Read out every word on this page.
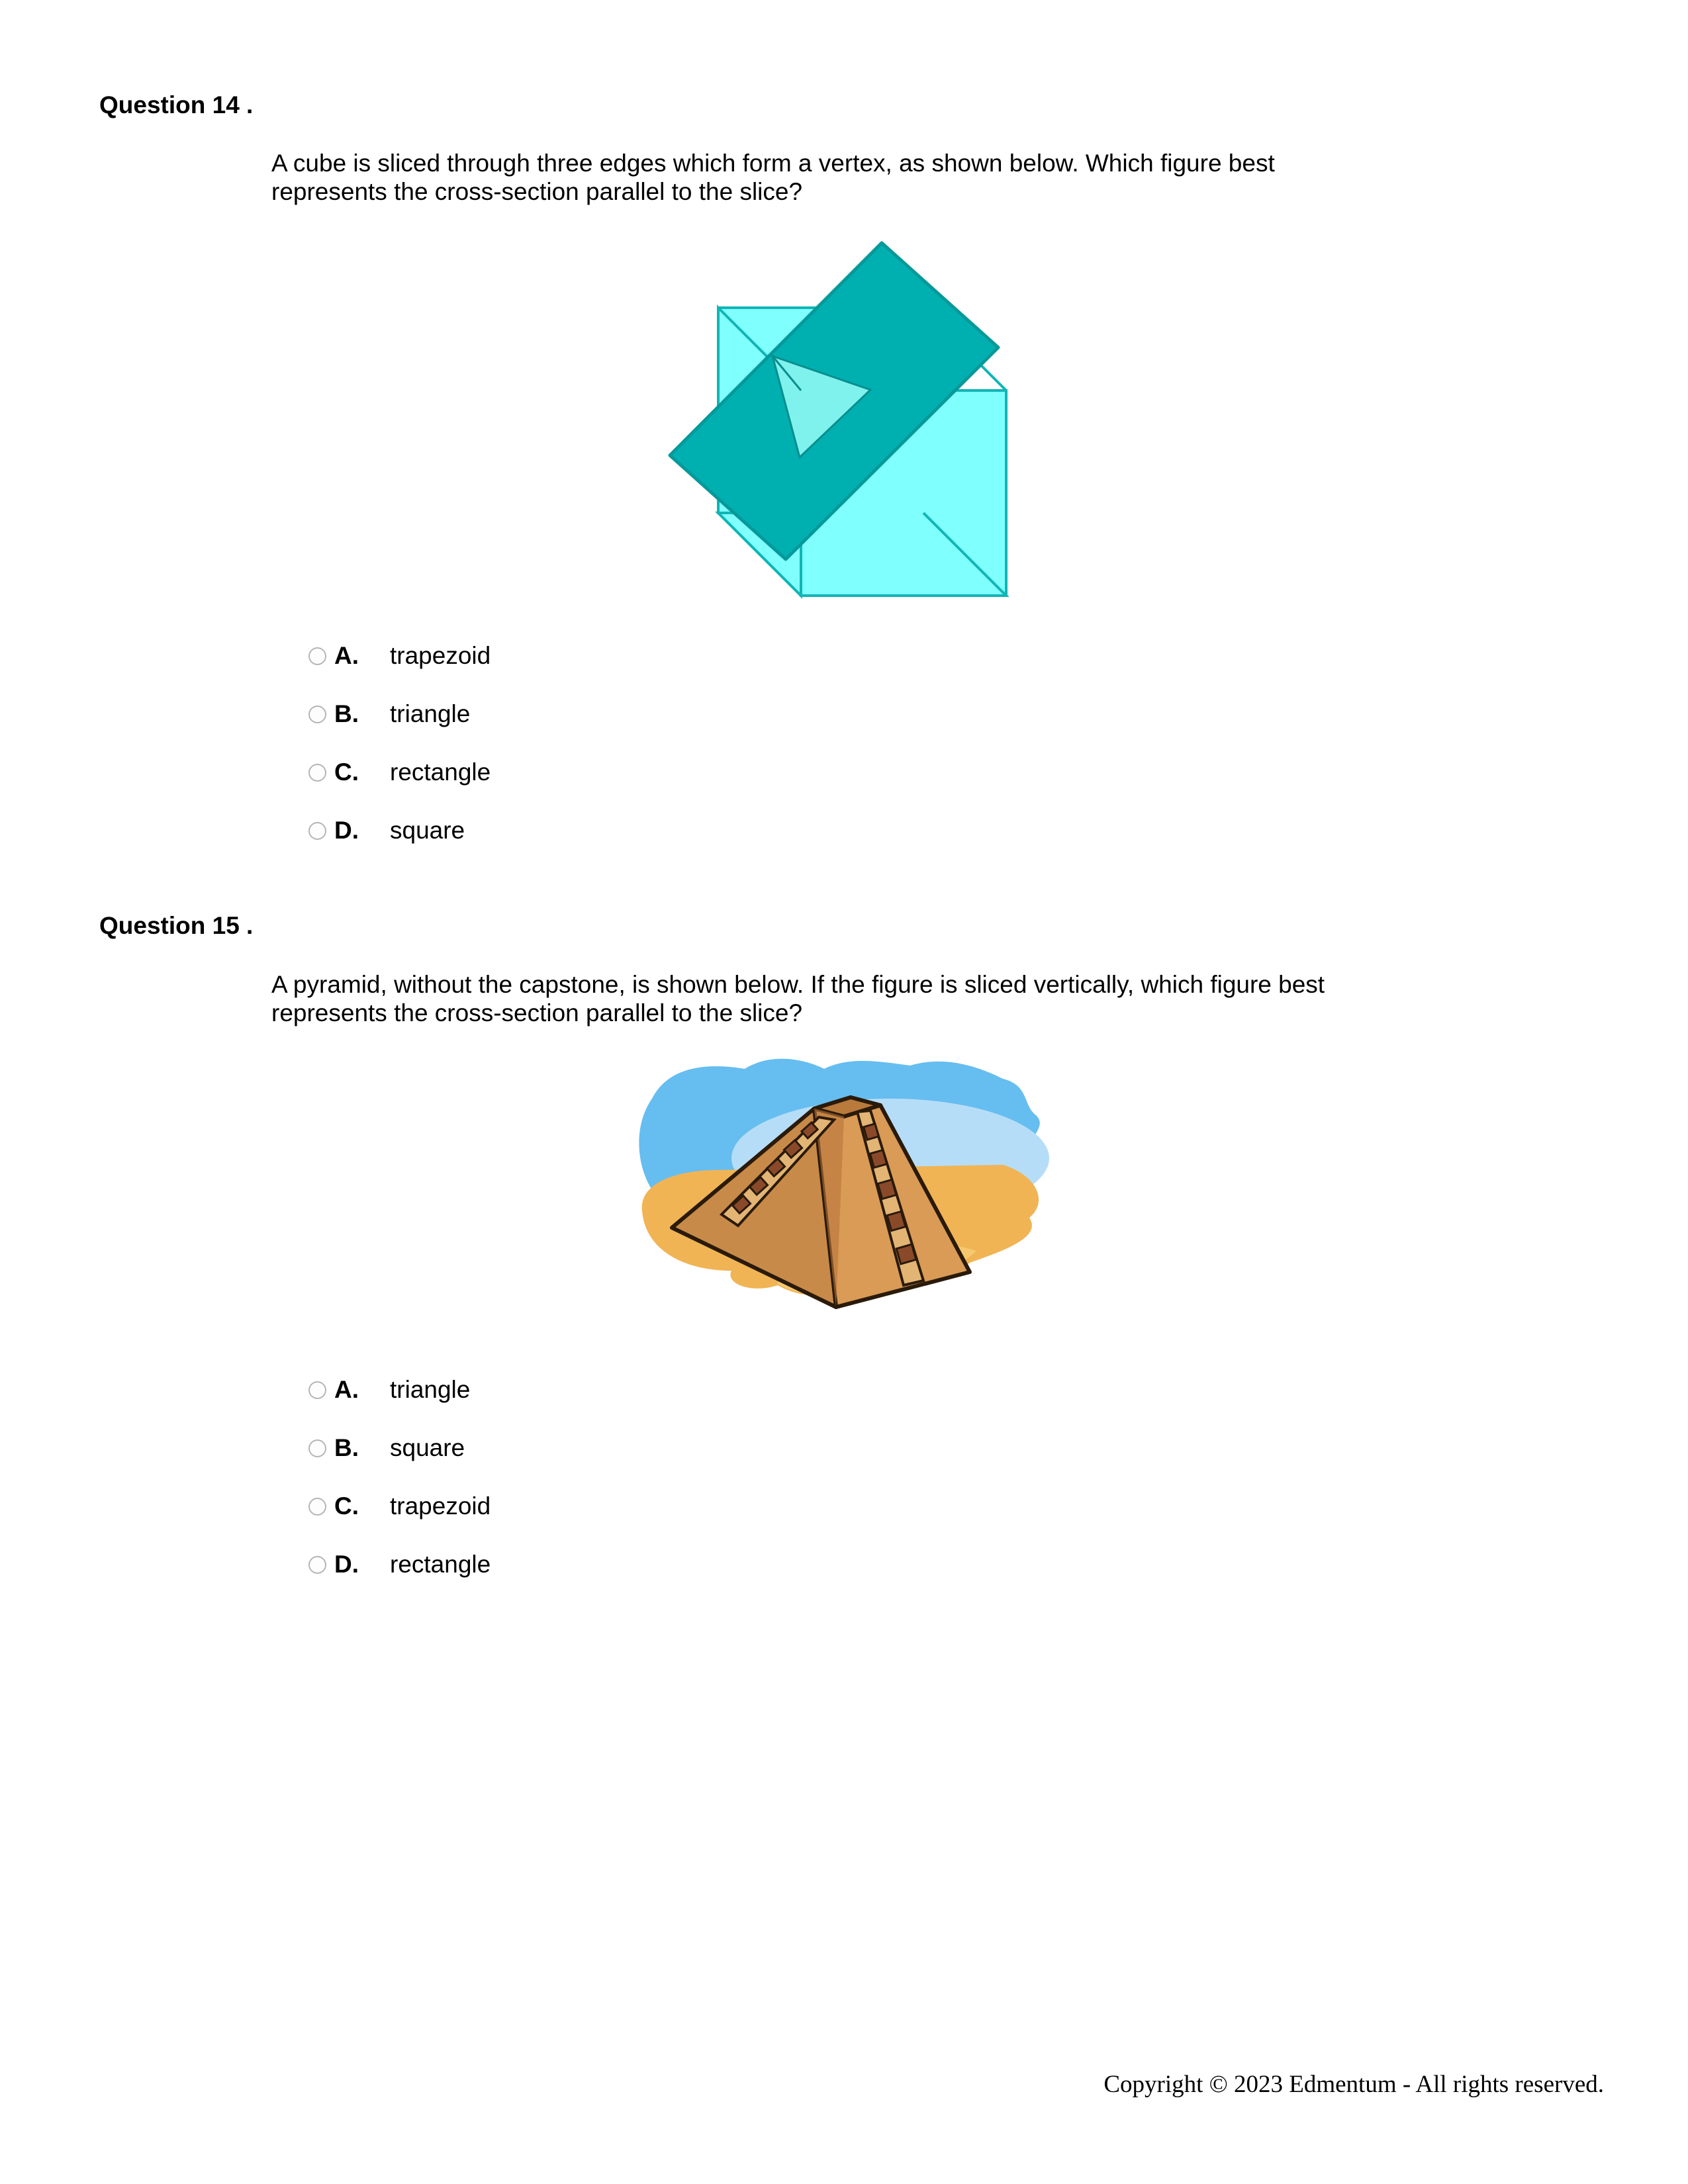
Question 14 .
A cube is sliced through three edges which form a vertex, as shown below. Which figure best
represents the cross-section parallel to the slice?
A.	trapezoid
B.	triangle
C.	rectangle
D.	square
Question 15 .
A pyramid, without the capstone, is shown below. If the figure is sliced vertically, which figure best
represents the cross-section parallel to the slice?
A.	triangle
B.	square
C.	trapezoid
D.	rectangle
Copyright © 2023 Edmentum - All rights reserved.
